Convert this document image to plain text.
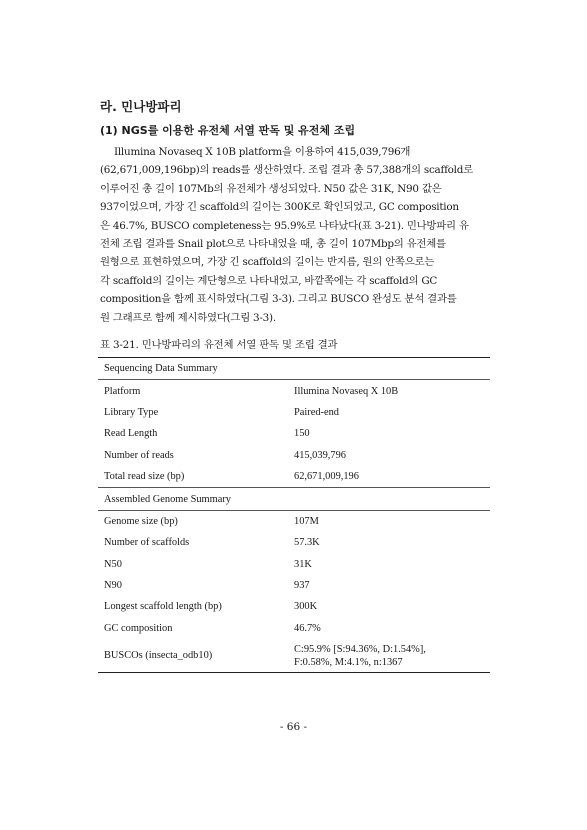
라. 민나방파리
(1) NGS를 이용한 유전체 서열 판독 및 유전체 조립

Illumina Novaseq X 10B platform을 이용하여 415,039,796개

(62,671,009,196bp)의 reads를 생산하였다. 조립 결과 총 57,388개의 scaffold로

이루어진 총 길이 107Mb의 유전체가 생성되었다. N50 값은 31K, N90 값은

937이었으며, 가장 긴 scaffold의 길이는 300K로 확인되었고, GC composition

은 46.7%, BUSCO completeness는 95.9%로 나타났다(표 3-21). 민나방파리 유

전체 조립 결과를 Snail plot으로 나타내었을 때, 총 길이 107Mbp의 유전체를

원형으로 표현하였으며, 가장 긴 scaffold의 길이는 반지름, 원의 안쪽으로는

각 scaffold의 길이는 계단형으로 나타내었고, 바깥쪽에는 각 scaffold의 GC

composition을 함께 표시하였다(그림 3-3). 그리고 BUSCO 완성도 분석 결과를

원 그래프로 함께 제시하였다(그림 3-3).

표 3-21. 민나방파리의 유전체 서열 판독 및 조립 결과
Sequencing Data Summary	
Platform	Illumina Novaseq X 10B
Library Type	Paired-end
Read Length	150
Number of reads	415,039,796
Total read size (bp)	62,671,009,196
Assembled Genome Summary	
Genome size (bp)	107M
Number of scaffolds	57.3K
N50	31K
N90	937
Longest scaffold length (bp)	300K
GC composition	46.7%
BUSCOs (insecta_odb10)	C:95.9% [S:94.36%, D:1.54%],
F:0.58%, M:4.1%, n:1367
- 66 -
